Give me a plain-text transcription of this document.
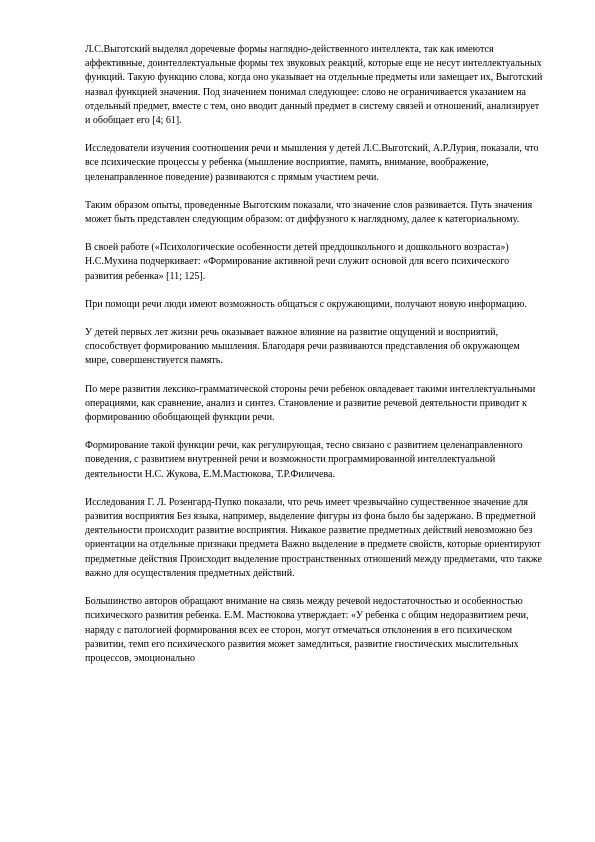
Л.С.Выготский выделял доречевые формы наглядно-действенного интеллекта, так как имеются аффективные, доинтеллектуальные формы тех звуковых реакций, которые еще не несут интеллектуальных функций. Такую функцию слова, когда оно указывает на отдельные предметы или замещает их, Выготский назвал функцией значения. Под значением понимал следующее: слово не ограничивается указанием на отдельный предмет, вместе с тем, оно вводит данный предмет в систему связей и отношений, анализирует и обобщает его [4; 61].

Исследователи изучения соотношения речи и мышления у детей Л.С.Выготский, А.Р.Лурия, показали, что все психические процессы у ребенка (мышление восприятие, память, внимание, воображение, целенаправленное поведение) развиваются с прямым участием речи.

Таким образом опыты, проведенные Выготским показали, что значение слов развивается. Путь значения может быть представлен следующим образом: от диффузного к наглядному, далее к категориальному.

В своей работе («Психологические особенности детей преддошкольного и дошкольного возраста») Н.С.Мухина подчеркивает: «Формирование активной речи служит основой для всего психического развития ребенка» [11; 125].

При помощи речи люди имеют возможность общаться с окружающими, получают новую информацию.

У детей первых лет жизни речь оказывает важное влияние на развитие ощущений и восприятий, способствует формированию мышления. Благодаря речи развиваются представления об окружающем мире, совершенствуется память.

По мере развития лексико-грамматической стороны речи ребенок овладевает такими интеллектуальными операциями, как сравнение, анализ и синтез. Становление и развитие речевой деятельности приводит к формированию обобщающей функции речи.

Формирование такой функции речи, как регулирующая, тесно связано с развитием целенаправленного поведения, с развитием внутренней речи и возможности программированной интеллектуальной деятельности Н.С. Жукова, Е.М.Мастюкова, Т.Р.Филичева.

Исследования Г. Л. Розенгард-Пупко показали, что речь имеет чрезвычайно существенное значение для развития восприятия Без языка, например, выделение фигуры из фона было бы задержано. В предметной деятельности происходит развитие восприятия. Никакое развитие предметных действий невозможно без ориентации на отдельные признаки предмета Важно выделение в предмете свойств, которые ориентируют предметные действия Происходит выделение пространственных отношений между предметами, что также важно для осуществления предметных действий.

Большинство авторов обращают внимание на связь между речевой недостаточностью и особенностью психического развития ребенка. Е.М. Мастюкова утверждает: «У ребенка с общим недоразвитием речи, наряду с патологией формирования всех ее сторон, могут отмечаться отклонения в его психическом развитии, темп его психического развития может замедлиться, развитие гностических мыслительных процессов, эмоционально
